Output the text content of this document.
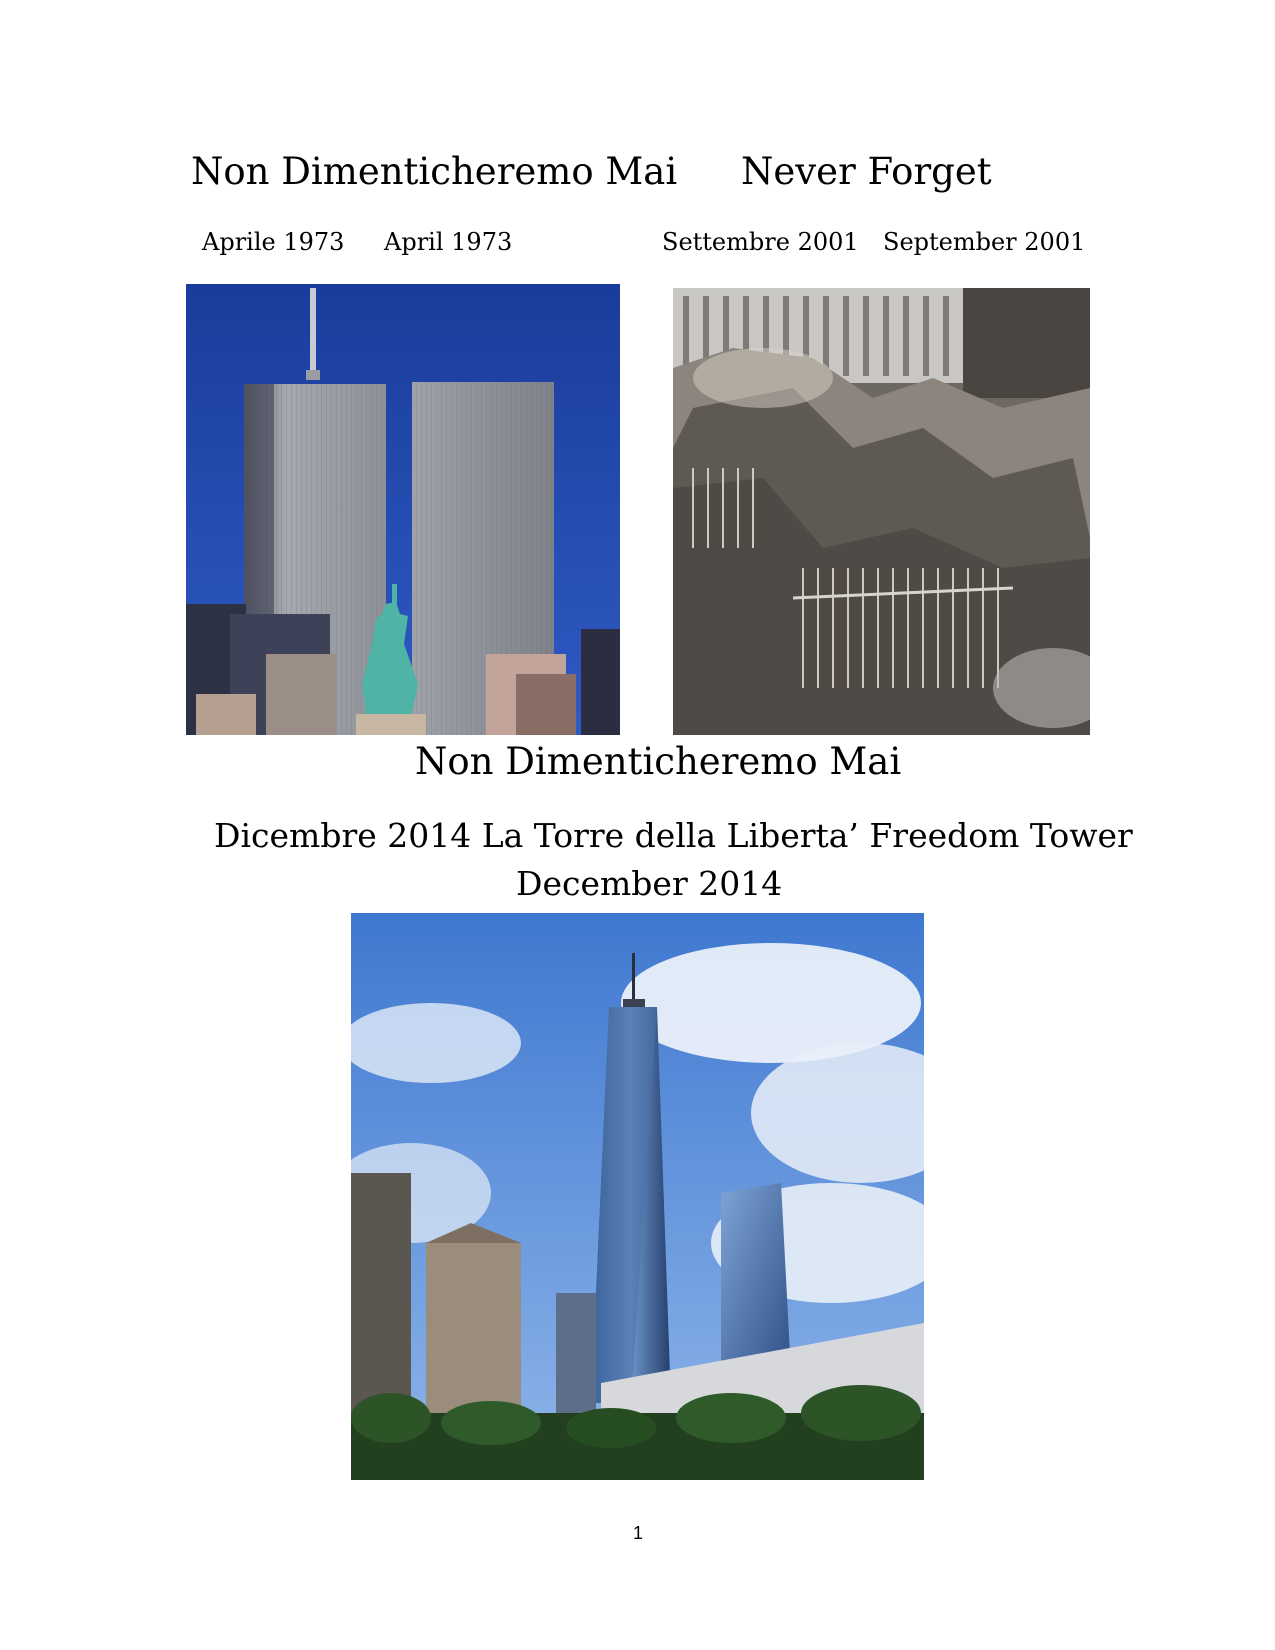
Non Dimenticheremo Mai Never Forget
Aprile 1973 April 1973	Settembre 2001 September 2001
Non Dimenticheremo Mai
Dicembre 2014 La Torre della Liberta’ Freedom Tower
December 2014
1
